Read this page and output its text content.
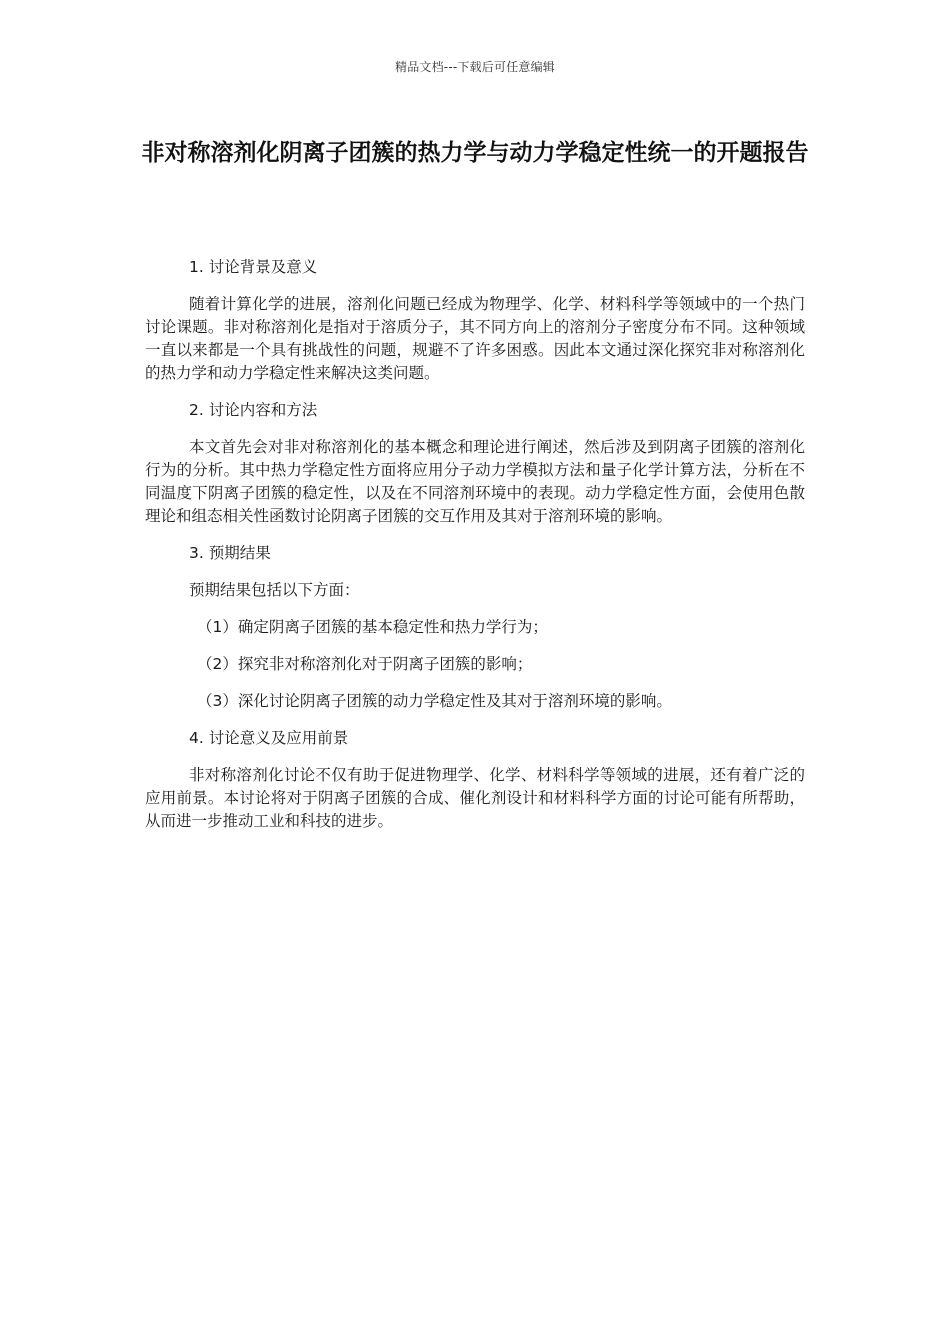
精品文档---下载后可任意编辑
非对称溶剂化阴离子团簇的热力学与动力学稳定性统一的开题报告

1. 讨论背景及意义

随着计算化学的进展，溶剂化问题已经成为物理学、化学、材料科学等领域中的一个热门讨论课题。非对称溶剂化是指对于溶质分子，其不同方向上的溶剂分子密度分布不同。这种领域一直以来都是一个具有挑战性的问题，规避不了许多困惑。因此本文通过深化探究非对称溶剂化的热力学和动力学稳定性来解决这类问题。

2. 讨论内容和方法

本文首先会对非对称溶剂化的基本概念和理论进行阐述，然后涉及到阴离子团簇的溶剂化行为的分析。其中热力学稳定性方面将应用分子动力学模拟方法和量子化学计算方法，分析在不同温度下阴离子团簇的稳定性，以及在不同溶剂环境中的表现。动力学稳定性方面，会使用色散理论和组态相关性函数讨论阴离子团簇的交互作用及其对于溶剂环境的影响。

3. 预期结果

预期结果包括以下方面：

（1）确定阴离子团簇的基本稳定性和热力学行为；

（2）探究非对称溶剂化对于阴离子团簇的影响；

（3）深化讨论阴离子团簇的动力学稳定性及其对于溶剂环境的影响。

4. 讨论意义及应用前景

非对称溶剂化讨论不仅有助于促进物理学、化学、材料科学等领域的进展，还有着广泛的应用前景。本讨论将对于阴离子团簇的合成、催化剂设计和材料科学方面的讨论可能有所帮助，从而进一步推动工业和科技的进步。
